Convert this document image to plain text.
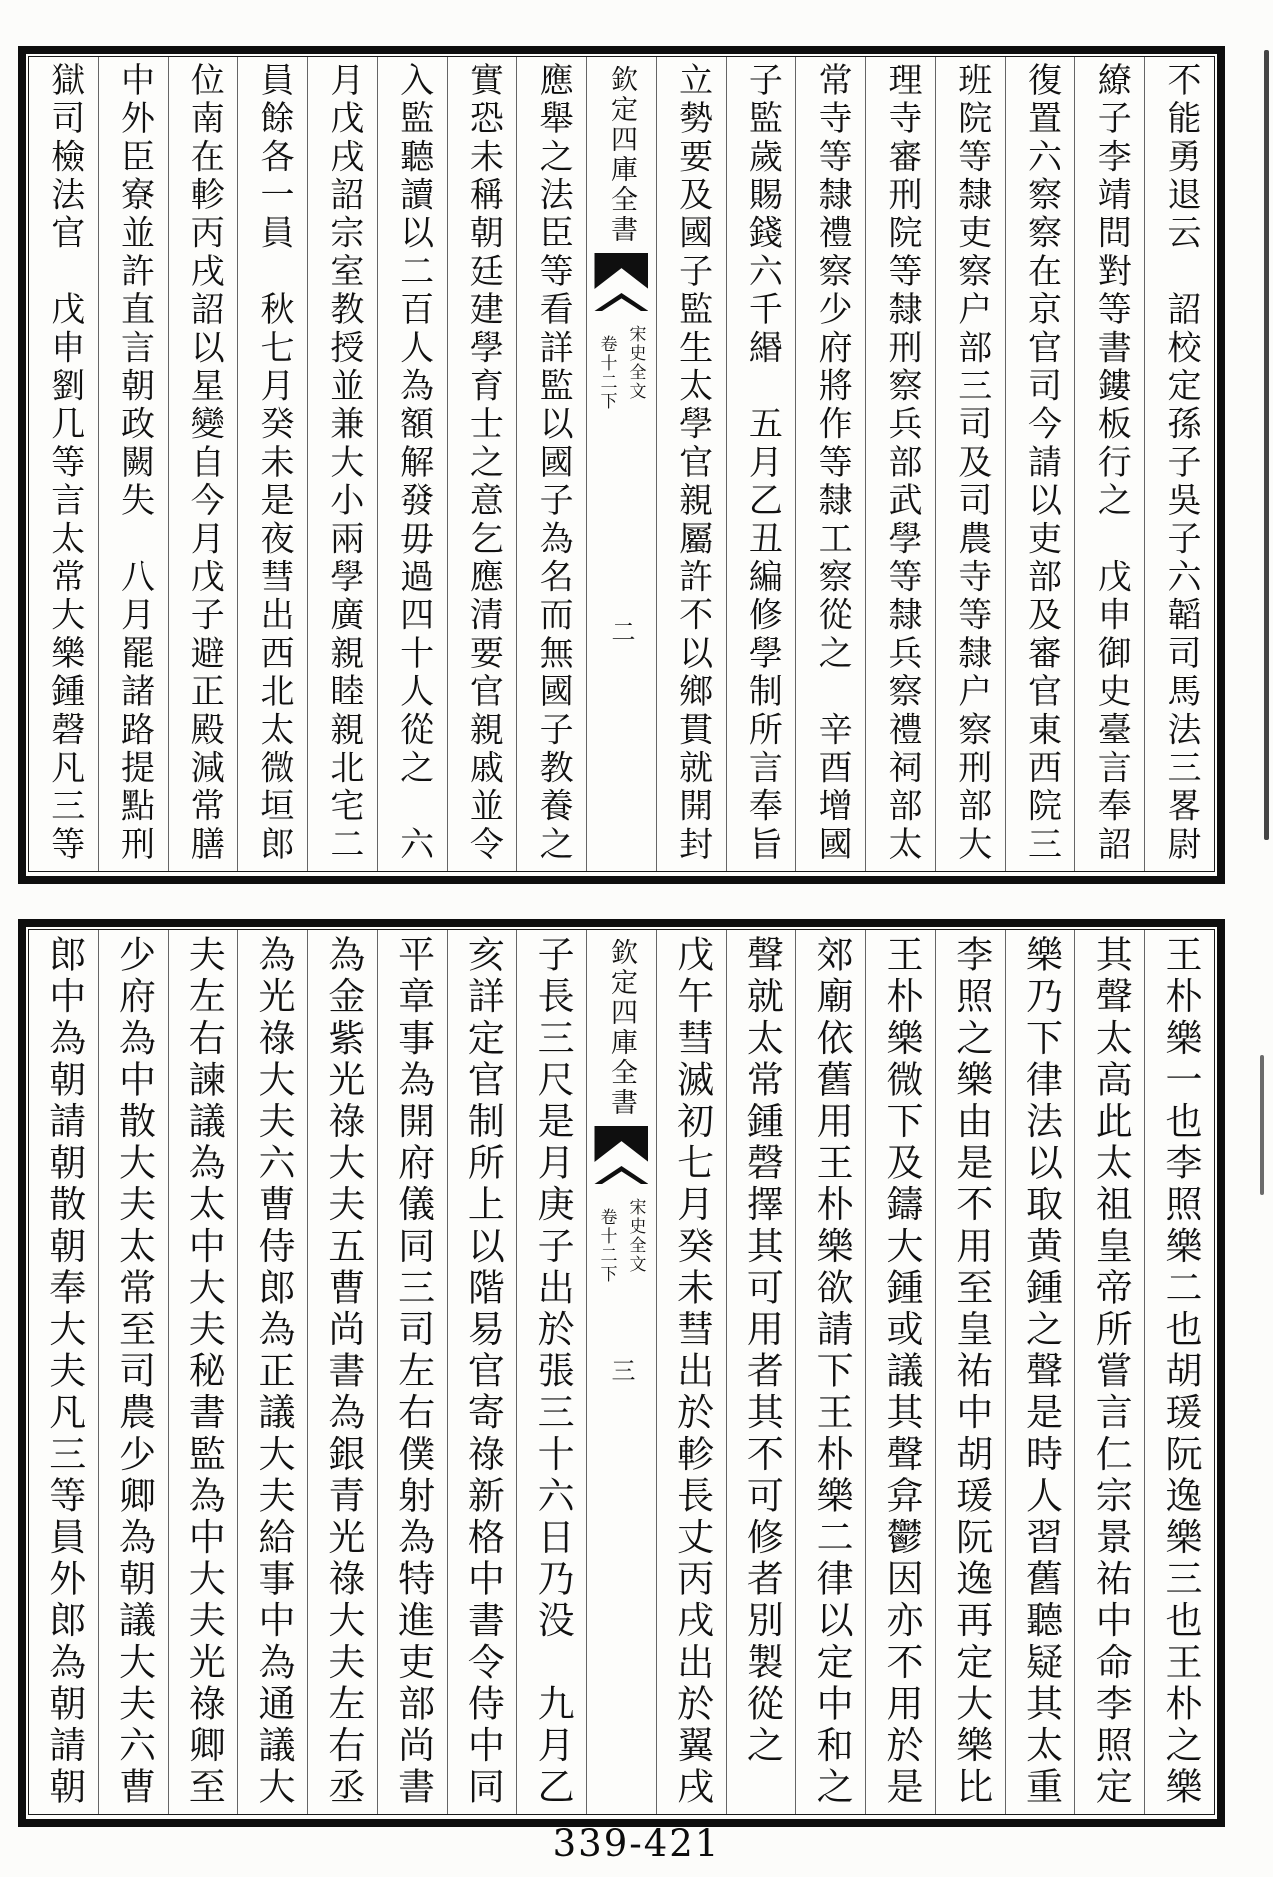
不能勇退云　詔校定孫子吳子六韜司馬法三畧尉
繚子李靖問對等書鏤板行之　戊申御史臺言奉詔
復置六察察在京官司今請以吏部及審官東西院三
班院等隸吏察户部三司及司農寺等隸户察刑部大
理寺審刑院等隸刑察兵部武學等隸兵察禮祠部太
常寺等隸禮察少府將作等隸工察從之　辛酉增國
子監歲賜錢六千緡　五月乙丑編修學制所言奉旨
立勢要及國子監生太學官親屬許不以鄉貫就開封
欽定四庫全書
宋史全文
卷十二下
二
應舉之法臣等看詳監以國子為名而無國子教養之
實恐未稱朝廷建學育士之意乞應清要官親戚並令
入監聽讀以二百人為額解發毋過四十人從之　六
月戊戌詔宗室教授並兼大小兩學廣親睦親北宅二
員餘各一員　秋七月癸未是夜彗出西北太微垣郎
位南在軫丙戌詔以星變自今月戊子避正殿減常膳
中外臣寮並許直言朝政闕失　八月罷諸路提點刑
獄司檢法官　戊申劉几等言太常大樂鍾磬凡三等
王朴樂一也李照樂二也胡瑗阮逸樂三也王朴之樂
其聲太高此太祖皇帝所嘗言仁宗景祐中命李照定
樂乃下律法以取黄鍾之聲是時人習舊聽疑其太重
李照之樂由是不用至皇祐中胡瑗阮逸再定大樂比
王朴樂微下及鑄大鍾或議其聲弇鬱因亦不用於是
郊廟依舊用王朴樂欲請下王朴樂二律以定中和之
聲就太常鍾磬擇其可用者其不可修者別製從之
戊午彗滅初七月癸未彗出於軫長丈丙戌出於翼戌
欽定四庫全書
宋史全文
卷十二下
三
子長三尺是月庚子出於張三十六日乃没　九月乙
亥詳定官制所上以階易官寄祿新格中書令侍中同
平章事為開府儀同三司左右僕射為特進吏部尚書
為金紫光祿大夫五曹尚書為銀青光祿大夫左右丞
為光祿大夫六曹侍郎為正議大夫給事中為通議大
夫左右諫議為太中大夫秘書監為中大夫光祿卿至
少府為中散大夫太常至司農少卿為朝議大夫六曹
郎中為朝請朝散朝奉大夫凡三等員外郎為朝請朝
339-421
